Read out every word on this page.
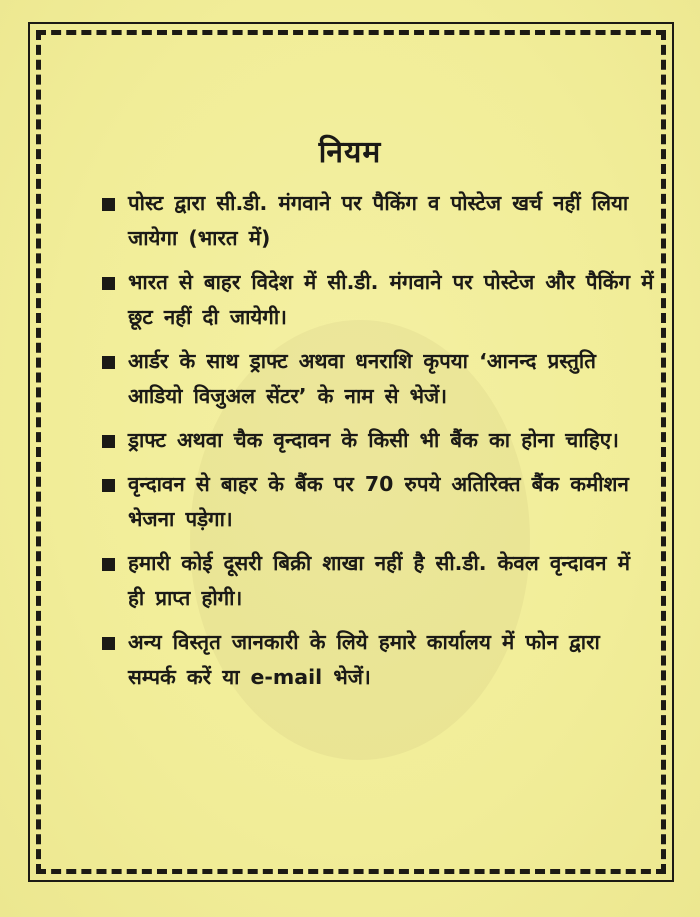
नियम
पोस्ट द्वारा सी.डी. मंगवाने पर पैकिंग व पोस्टेज खर्च नहीं लिया जायेगा (भारत में)
भारत से बाहर विदेश में सी.डी. मंगवाने पर पोस्टेज और पैकिंग में छूट नहीं दी जायेगी।
आर्डर के साथ ड्राफ्ट अथवा धनराशि कृपया ‘आनन्द प्रस्तुति आडियो विजुअल सेंटर’ के नाम से भेजें।
ड्राफ्ट अथवा चैक वृन्दावन के किसी भी बैंक का होना चाहिए।
वृन्दावन से बाहर के बैंक पर 70 रुपये अतिरिक्त बैंक कमीशन भेजना पड़ेगा।
हमारी कोई दूसरी बिक्री शाखा नहीं है सी.डी. केवल वृन्दावन में ही प्राप्त होगी।
अन्य विस्तृत जानकारी के लिये हमारे कार्यालय में फोन द्वारा सम्पर्क करें या e-mail भेजें।
